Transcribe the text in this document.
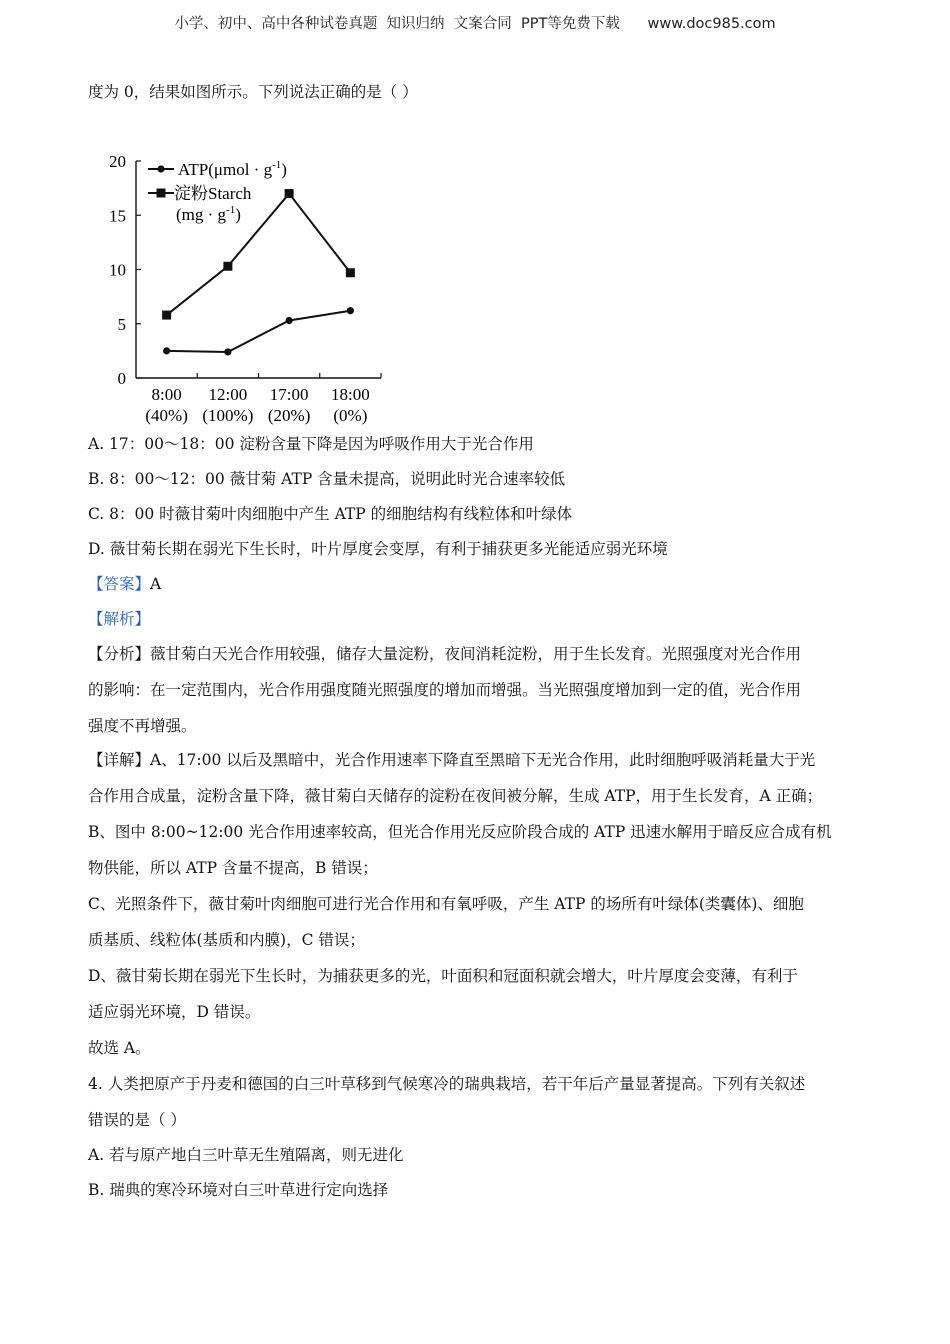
小学、初中、高中各种试卷真题  知识归纳  文案合同  PPT等免费下载      www.doc985.com
度为 0，结果如图所示。下列说法正确的是（ ）
0
5
10
15
20
8:00
(40%)
12:00
(100%)
17:00
(20%)
18:00
(0%)
$ATP(\mu mol \cdot g^{-1})$
淀粉Starch
$(mg \cdot g^{-1})$
A. 17：00～18：00 淀粉含量下降是因为呼吸作用大于光合作用
B. 8：00～12：00 薇甘菊 ATP 含量未提高，说明此时光合速率较低
C. 8：00 时薇甘菊叶肉细胞中产生 ATP 的细胞结构有线粒体和叶绿体
D. 薇甘菊长期在弱光下生长时，叶片厚度会变厚，有利于捕获更多光能适应弱光环境
【答案】A
【解析】
【分析】薇甘菊白天光合作用较强，储存大量淀粉，夜间消耗淀粉，用于生长发育。光照强度对光合作用
的影响：在一定范围内，光合作用强度随光照强度的增加而增强。当光照强度增加到一定的值，光合作用
强度不再增强。
【详解】A、17:00 以后及黑暗中，光合作用速率下降直至黑暗下无光合作用，此时细胞呼吸消耗量大于光
合作用合成量，淀粉含量下降，薇甘菊白天储存的淀粉在夜间被分解，生成 ATP，用于生长发育，A 正确；
B、图中 8:00~12:00 光合作用速率较高，但光合作用光反应阶段合成的 ATP 迅速水解用于暗反应合成有机
物供能，所以 ATP 含量不提高，B 错误；
C、光照条件下，薇甘菊叶肉细胞可进行光合作用和有氧呼吸，产生 ATP 的场所有叶绿体(类囊体)、细胞
质基质、线粒体(基质和内膜)，C 错误；
D、薇甘菊长期在弱光下生长时，为捕获更多的光，叶面积和冠面积就会增大，叶片厚度会变薄，有利于
适应弱光环境，D 错误。
故选 A。
4. 人类把原产于丹麦和德国的白三叶草移到气候寒冷的瑞典栽培，若干年后产量显著提高。下列有关叙述
错误的是（ ）
A. 若与原产地白三叶草无生殖隔离，则无进化
B. 瑞典的寒冷环境对白三叶草进行定向选择
